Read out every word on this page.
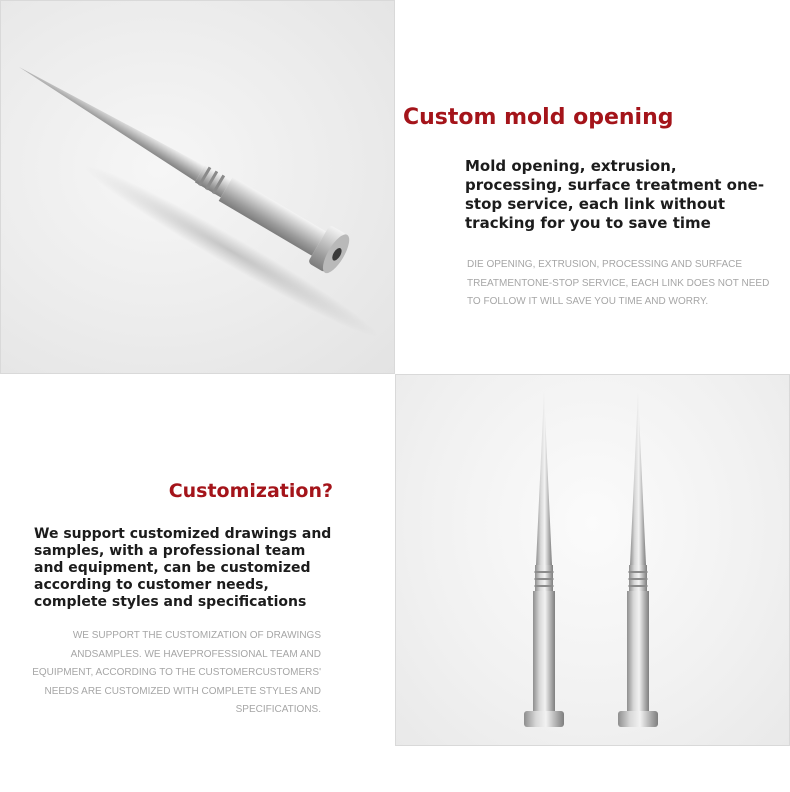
Custom mold opening

Mold opening, extrusion, processing, surface treatment one-stop service, each link without tracking for you to save time

DIE OPENING, EXTRUSION, PROCESSING AND SURFACE TREATMENTONE-STOP SERVICE, EACH LINK DOES NOT NEED TO FOLLOW IT WILL SAVE YOU TIME AND WORRY.

Customization?

We support customized drawings and samples, with a professional team and equipment, can be customized according to customer needs, complete styles and specifications

WE SUPPORT THE CUSTOMIZATION OF DRAWINGS ANDSAMPLES. WE HAVEPROFESSIONAL TEAM AND EQUIPMENT, ACCORDING TO THE CUSTOMERCUSTOMERS' NEEDS ARE CUSTOMIZED WITH COMPLETE STYLES AND SPECIFICATIONS.
